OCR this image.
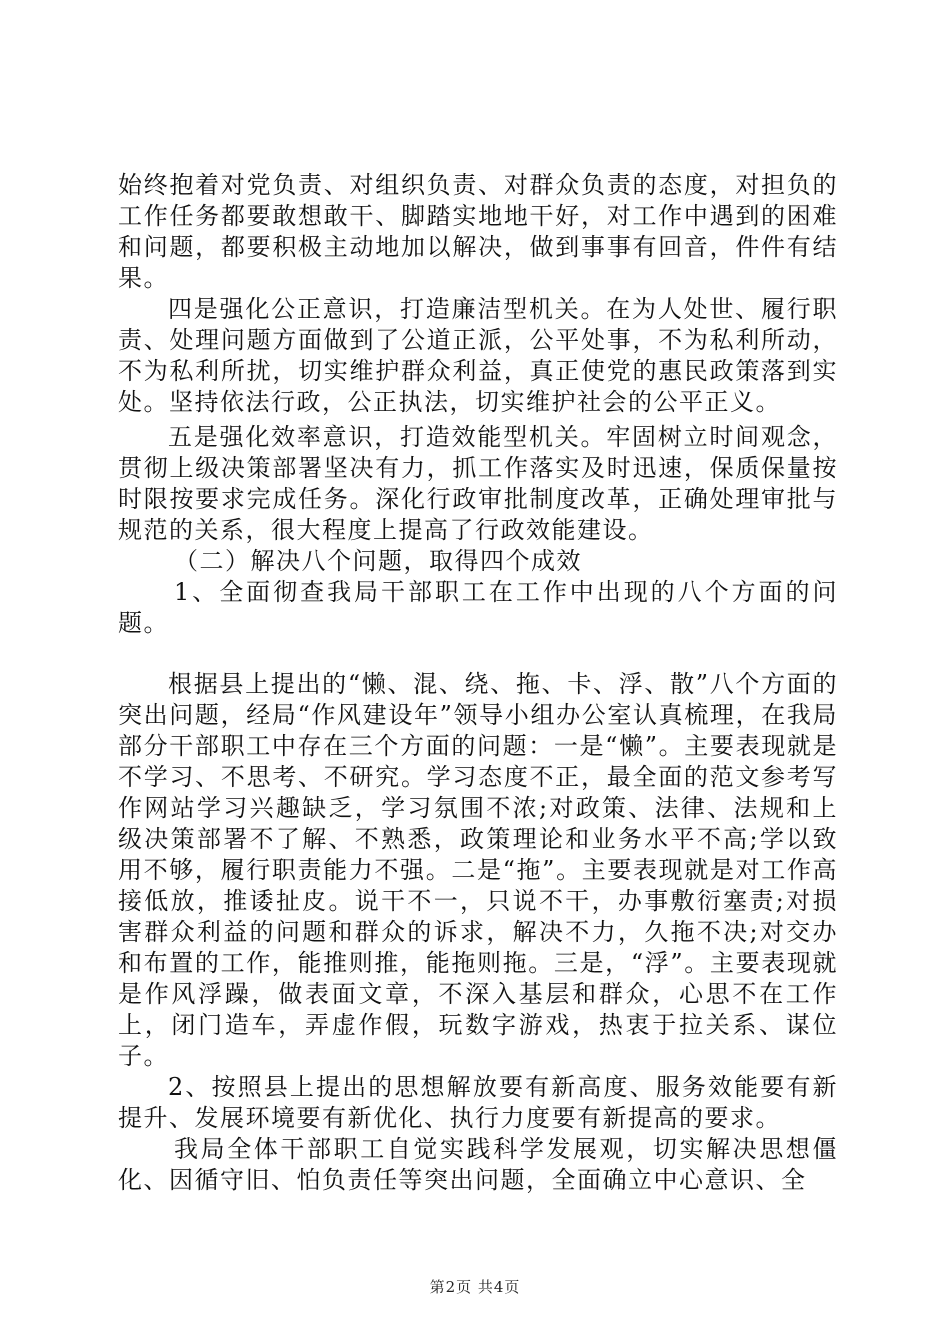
始终抱着对党负责、对组织负责、对群众负责的态度，对担负的工作任务都要敢想敢干、脚踏实地地干好，对工作中遇到的困难和问题，都要积极主动地加以解决，做到事事有回音，件件有结果。

四是强化公正意识，打造廉洁型机关。在为人处世、履行职责、处理问题方面做到了公道正派，公平处事，不为私利所动，不为私利所扰，切实维护群众利益，真正使党的惠民政策落到实处。坚持依法行政，公正执法，切实维护社会的公平正义。

五是强化效率意识，打造效能型机关。牢固树立时间观念，贯彻上级决策部署坚决有力，抓工作落实及时迅速，保质保量按时限按要求完成任务。深化行政审批制度改革，正确处理审批与规范的关系，很大程度上提高了行政效能建设。

（二）解决八个问题，取得四个成效

1、全面彻查我局干部职工在工作中出现的八个方面的问题。

根据县上提出的“懒、混、绕、拖、卡、浮、散”八个方面的突出问题，经局“作风建设年”领导小组办公室认真梳理，在我局部分干部职工中存在三个方面的问题：一是“懒”。主要表现就是不学习、不思考、不研究。学习态度不正，最全面的范文参考写作网站学习兴趣缺乏，学习氛围不浓;对政策、法律、法规和上级决策部署不了解、不熟悉，政策理论和业务水平不高;学以致用不够，履行职责能力不强。二是“拖”。主要表现就是对工作高接低放，推诿扯皮。说干不一，只说不干，办事敷衍塞责;对损害群众利益的问题和群众的诉求，解决不力，久拖不决;对交办和布置的工作，能推则推，能拖则拖。三是，“浮”。主要表现就是作风浮躁，做表面文章，不深入基层和群众，心思不在工作上，闭门造车，弄虚作假，玩数字游戏，热衷于拉关系、谋位子。

2、按照县上提出的思想解放要有新高度、服务效能要有新提升、发展环境要有新优化、执行力度要有新提高的要求。

我局全体干部职工自觉实践科学发展观，切实解决思想僵化、因循守旧、怕负责任等突出问题，全面确立中心意识、全

第2页 共4页
